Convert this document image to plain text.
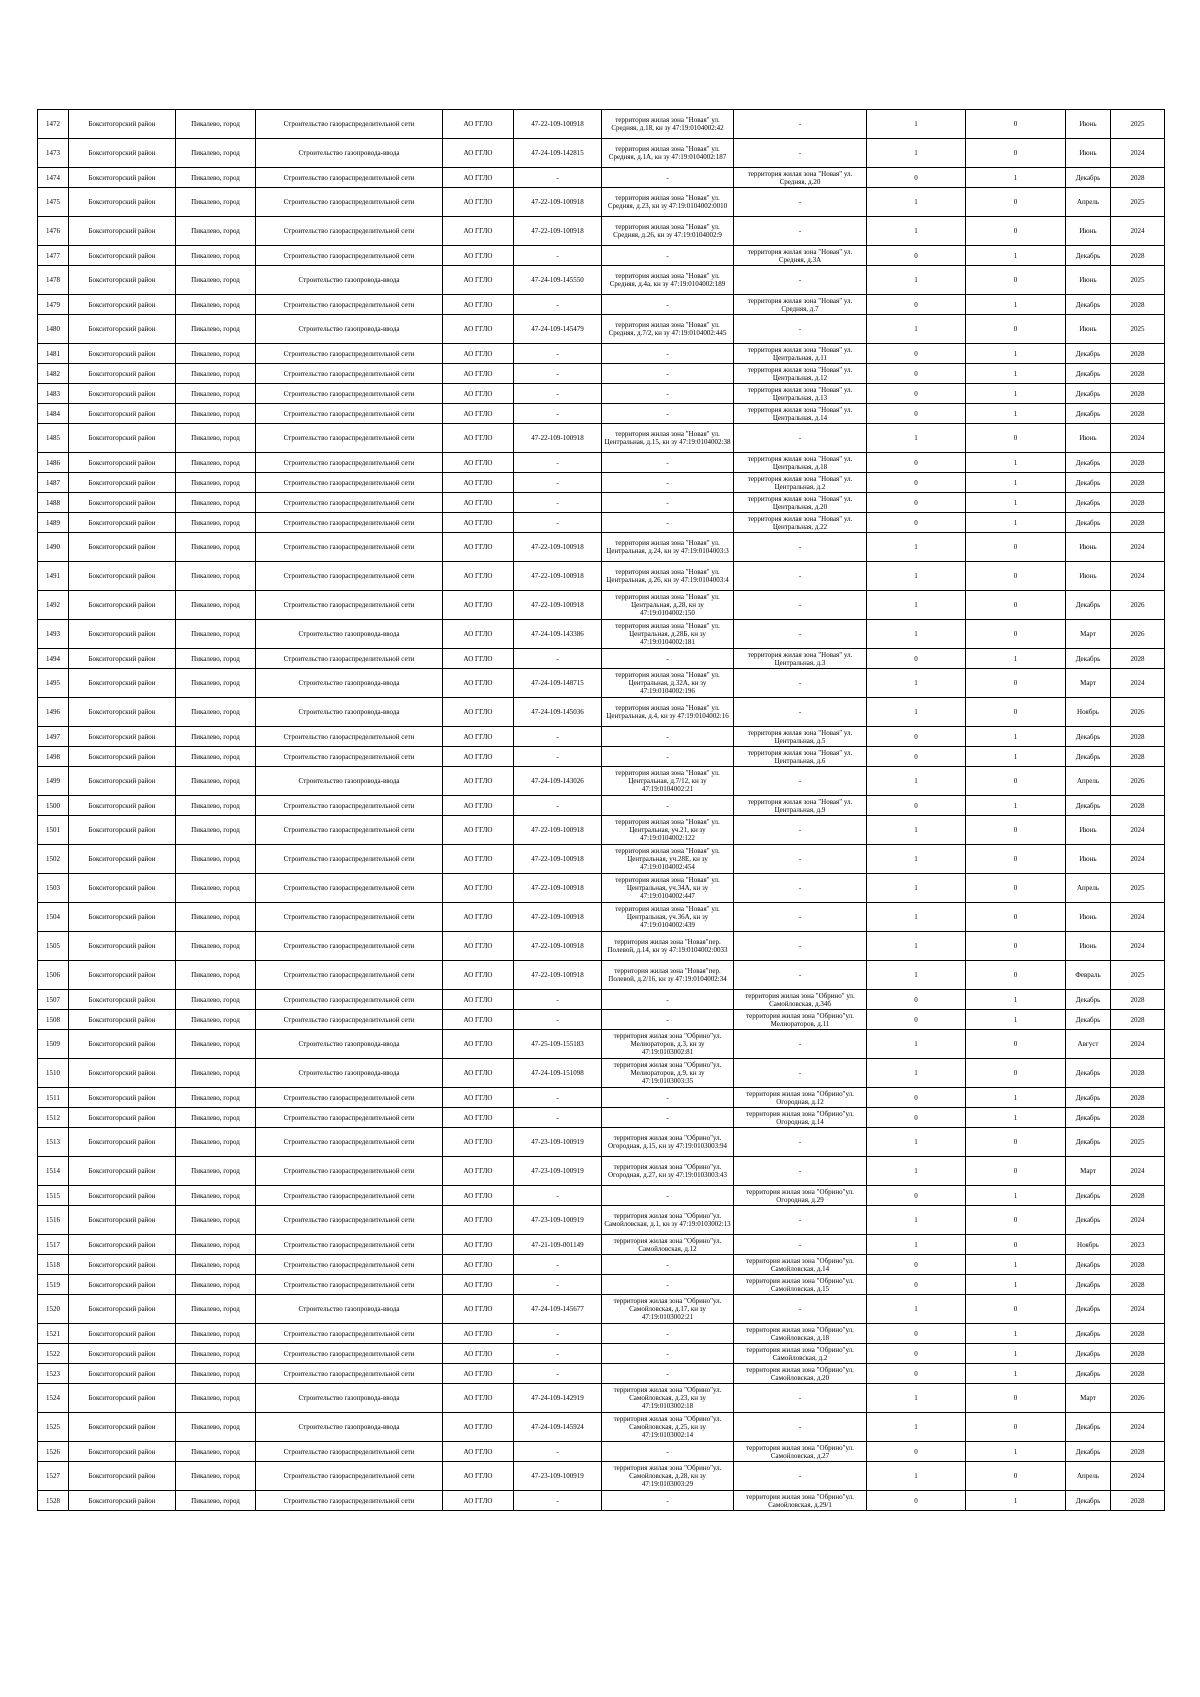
1472	Бокситогорский район	Пикалево, город	Строительство газораспределительной сети	АО ГГЛО	47-22-109-100918	территория жилая зона "Новая" ул. Средняя, д.18, кн зу 47:19:0104002:42	-	1	0	Июнь	2025
1473	Бокситогорский район	Пикалево, город	Строительство газопровода-ввода	АО ГГЛО	47-24-109-142815	территория жилая зона "Новая" ул. Средняя, д.1А, кн зу 47:19:0104002:187	-	1	0	Июнь	2024
1474	Бокситогорский район	Пикалево, город	Строительство газораспределительной сети	АО ГГЛО	-	-	территория жилая зона "Новая" ул. Средняя, д.20	0	1	Декабрь	2028
1475	Бокситогорский район	Пикалево, город	Строительство газораспределительной сети	АО ГГЛО	47-22-109-100918	территория жилая зона "Новая" ул. Средняя, д.23, кн зу 47:19:0104002:0010	-	1	0	Апрель	2025
1476	Бокситогорский район	Пикалево, город	Строительство газораспределительной сети	АО ГГЛО	47-22-109-100918	территория жилая зона "Новая" ул. Средняя, д.26, кн зу 47:19:0104002:9	-	1	0	Июнь	2024
1477	Бокситогорский район	Пикалево, город	Строительство газораспределительной сети	АО ГГЛО	-	-	территория жилая зона "Новая" ул. Средняя, д.3А	0	1	Декабрь	2028
1478	Бокситогорский район	Пикалево, город	Строительство газопровода-ввода	АО ГГЛО	47-24-109-145550	территория жилая зона "Новая" ул. Средняя, д.4а, кн зу 47:19:0104002:189	-	1	0	Июнь	2025
1479	Бокситогорский район	Пикалево, город	Строительство газораспределительной сети	АО ГГЛО	-	-	территория жилая зона "Новая" ул. Средняя, д.7	0	1	Декабрь	2028
1480	Бокситогорский район	Пикалево, город	Строительство газопровода-ввода	АО ГГЛО	47-24-109-145479	территория жилая зона "Новая" ул. Средняя, д.7/2, кн зу 47:19:0104002:445	-	1	0	Июнь	2025
1481	Бокситогорский район	Пикалево, город	Строительство газораспределительной сети	АО ГГЛО	-	-	территория жилая зона "Новая" ул. Центральная, д.11	0	1	Декабрь	2028
1482	Бокситогорский район	Пикалево, город	Строительство газораспределительной сети	АО ГГЛО	-	-	территория жилая зона "Новая" ул. Центральная, д.12	0	1	Декабрь	2028
1483	Бокситогорский район	Пикалево, город	Строительство газораспределительной сети	АО ГГЛО	-	-	территория жилая зона "Новая" ул. Центральная, д.13	0	1	Декабрь	2028
1484	Бокситогорский район	Пикалево, город	Строительство газораспределительной сети	АО ГГЛО	-	-	территория жилая зона "Новая" ул. Центральная, д.14	0	1	Декабрь	2028
1485	Бокситогорский район	Пикалево, город	Строительство газораспределительной сети	АО ГГЛО	47-22-109-100918	территория жилая зона "Новая" ул. Центральная, д.15, кн зу 47:19:0104002:38	-	1	0	Июнь	2024
1486	Бокситогорский район	Пикалево, город	Строительство газораспределительной сети	АО ГГЛО	-	-	территория жилая зона "Новая" ул. Центральная, д.18	0	1	Декабрь	2028
1487	Бокситогорский район	Пикалево, город	Строительство газораспределительной сети	АО ГГЛО	-	-	территория жилая зона "Новая" ул. Центральная, д.2	0	1	Декабрь	2028
1488	Бокситогорский район	Пикалево, город	Строительство газораспределительной сети	АО ГГЛО	-	-	территория жилая зона "Новая" ул. Центральная, д.20	0	1	Декабрь	2028
1489	Бокситогорский район	Пикалево, город	Строительство газораспределительной сети	АО ГГЛО	-	-	территория жилая зона "Новая" ул. Центральная, д.22	0	1	Декабрь	2028
1490	Бокситогорский район	Пикалево, город	Строительство газораспределительной сети	АО ГГЛО	47-22-109-100918	территория жилая зона "Новая" ул. Центральная, д.24, кн зу 47:19:0104003:3	-	1	0	Июнь	2024
1491	Бокситогорский район	Пикалево, город	Строительство газораспределительной сети	АО ГГЛО	47-22-109-100918	территория жилая зона "Новая" ул. Центральная, д.26, кн зу 47:19:0104003:4	-	1	0	Июнь	2024
1492	Бокситогорский район	Пикалево, город	Строительство газораспределительной сети	АО ГГЛО	47-22-109-100918	территория жилая зона "Новая" ул. Центральная, д.28, кн зу 47:19:0104002:150	-	1	0	Декабрь	2026
1493	Бокситогорский район	Пикалево, город	Строительство газопровода-ввода	АО ГГЛО	47-24-109-143386	территория жилая зона "Новая" ул. Центральная, д.28Б, кн зу 47:19:0104002:181	-	1	0	Март	2026
1494	Бокситогорский район	Пикалево, город	Строительство газораспределительной сети	АО ГГЛО	-	-	территория жилая зона "Новая" ул. Центральная, д.3	0	1	Декабрь	2028
1495	Бокситогорский район	Пикалево, город	Строительство газопровода-ввода	АО ГГЛО	47-24-109-148715	территория жилая зона "Новая" ул. Центральная, д.32А, кн зу 47:19:0104002:196	-	1	0	Март	2024
1496	Бокситогорский район	Пикалево, город	Строительство газопровода-ввода	АО ГГЛО	47-24-109-145036	территория жилая зона "Новая" ул. Центральная, д.4, кн зу 47:19:0104002:16	-	1	0	Ноябрь	2026
1497	Бокситогорский район	Пикалево, город	Строительство газораспределительной сети	АО ГГЛО	-	-	территория жилая зона "Новая" ул. Центральная, д.5	0	1	Декабрь	2028
1498	Бокситогорский район	Пикалево, город	Строительство газораспределительной сети	АО ГГЛО	-	-	территория жилая зона "Новая" ул. Центральная, д.6	0	1	Декабрь	2028
1499	Бокситогорский район	Пикалево, город	Строительство газопровода-ввода	АО ГГЛО	47-24-109-143026	территория жилая зона "Новая" ул. Центральная, д.7/12, кн зу 47:19:0104002:21	-	1	0	Апрель	2026
1500	Бокситогорский район	Пикалево, город	Строительство газораспределительной сети	АО ГГЛО	-	-	территория жилая зона "Новая" ул. Центральная, д.9	0	1	Декабрь	2028
1501	Бокситогорский район	Пикалево, город	Строительство газораспределительной сети	АО ГГЛО	47-22-109-100918	территория жилая зона "Новая" ул. Центральная, уч.21, кн зу 47:19:0104002:122	-	1	0	Июнь	2024
1502	Бокситогорский район	Пикалево, город	Строительство газораспределительной сети	АО ГГЛО	47-22-109-100918	территория жилая зона "Новая" ул. Центральная, уч.28Е, кн зу 47:19:0104002:454	-	1	0	Июнь	2024
1503	Бокситогорский район	Пикалево, город	Строительство газораспределительной сети	АО ГГЛО	47-22-109-100918	территория жилая зона "Новая" ул. Центральная, уч.34А, кн зу 47:19:0104002:447	-	1	0	Апрель	2025
1504	Бокситогорский район	Пикалево, город	Строительство газораспределительной сети	АО ГГЛО	47-22-109-100918	территория жилая зона "Новая" ул. Центральная, уч.36А, кн зу 47:19:0104002:439	-	1	0	Июнь	2024
1505	Бокситогорский район	Пикалево, город	Строительство газораспределительной сети	АО ГГЛО	47-22-109-100918	территория жилая зона "Новая"пер. Полевой, д.14, кн зу 47:19:0104002:0033	-	1	0	Июнь	2024
1506	Бокситогорский район	Пикалево, город	Строительство газораспределительной сети	АО ГГЛО	47-22-109-100918	территория жилая зона "Новая"пер. Полевой, д.2/16, кн зу 47:19:0104002:34	-	1	0	Февраль	2025
1507	Бокситогорский район	Пикалево, город	Строительство газораспределительной сети	АО ГГЛО	-	-	территория жилая зона "Обрино" ул. Самойловская, д.34б	0	1	Декабрь	2028
1508	Бокситогорский район	Пикалево, город	Строительство газораспределительной сети	АО ГГЛО	-	-	территория жилая зона "Обрино"ул. Мелиораторов, д.11	0	1	Декабрь	2028
1509	Бокситогорский район	Пикалево, город	Строительство газопровода-ввода	АО ГГЛО	47-25-109-155183	территория жилая зона "Обрино"ул. Мелиораторов, д.3, кн зу 47:19:0103002:81	-	1	0	Август	2024
1510	Бокситогорский район	Пикалево, город	Строительство газопровода-ввода	АО ГГЛО	47-24-109-151098	территория жилая зона "Обрино"ул. Мелиораторов, д.9, кн зу 47:19:0103003:35	-	1	0	Декабрь	2028
1511	Бокситогорский район	Пикалево, город	Строительство газораспределительной сети	АО ГГЛО	-	-	территория жилая зона "Обрино"ул. Огородная, д.12	0	1	Декабрь	2028
1512	Бокситогорский район	Пикалево, город	Строительство газораспределительной сети	АО ГГЛО	-	-	территория жилая зона "Обрино"ул. Огородная, д.14	0	1	Декабрь	2028
1513	Бокситогорский район	Пикалево, город	Строительство газораспределительной сети	АО ГГЛО	47-23-109-100919	территория жилая зона "Обрино"ул. Огородная, д.15, кн зу 47:19:0103003:94	-	1	0	Декабрь	2025
1514	Бокситогорский район	Пикалево, город	Строительство газораспределительной сети	АО ГГЛО	47-23-109-100919	территория жилая зона "Обрино"ул. Огородная, д.27, кн зу 47:19:0103003:43	-	1	0	Март	2024
1515	Бокситогорский район	Пикалево, город	Строительство газораспределительной сети	АО ГГЛО	-	-	территория жилая зона "Обрино"ул. Огородная, д.29	0	1	Декабрь	2028
1516	Бокситогорский район	Пикалево, город	Строительство газораспределительной сети	АО ГГЛО	47-23-109-100919	территория жилая зона "Обрино"ул. Самойловская, д.1, кн зу 47:19:0103002:13	-	1	0	Декабрь	2024
1517	Бокситогорский район	Пикалево, город	Строительство газораспределительной сети	АО ГГЛО	47-21-109-001149	территория жилая зона "Обрино"ул. Самойловская, д.12	-	1	0	Ноябрь	2023
1518	Бокситогорский район	Пикалево, город	Строительство газораспределительной сети	АО ГГЛО	-	-	территория жилая зона "Обрино"ул. Самойловская, д.14	0	1	Декабрь	2028
1519	Бокситогорский район	Пикалево, город	Строительство газораспределительной сети	АО ГГЛО	-	-	территория жилая зона "Обрино"ул. Самойловская, д.15	0	1	Декабрь	2028
1520	Бокситогорский район	Пикалево, город	Строительство газопровода-ввода	АО ГГЛО	47-24-109-145677	территория жилая зона "Обрино"ул. Самойловская, д.17, кн зу 47:19:0103002:21	-	1	0	Декабрь	2024
1521	Бокситогорский район	Пикалево, город	Строительство газораспределительной сети	АО ГГЛО	-	-	территория жилая зона "Обрино"ул. Самойловская, д.18	0	1	Декабрь	2028
1522	Бокситогорский район	Пикалево, город	Строительство газораспределительной сети	АО ГГЛО	-	-	территория жилая зона "Обрино"ул. Самойловская, д.2	0	1	Декабрь	2028
1523	Бокситогорский район	Пикалево, город	Строительство газораспределительной сети	АО ГГЛО	-	-	территория жилая зона "Обрино"ул. Самойловская, д.20	0	1	Декабрь	2028
1524	Бокситогорский район	Пикалево, город	Строительство газопровода-ввода	АО ГГЛО	47-24-109-142919	территория жилая зона "Обрино"ул. Самойловская, д.23, кн зу 47:19:0103002:18	-	1	0	Март	2026
1525	Бокситогорский район	Пикалево, город	Строительство газопровода-ввода	АО ГГЛО	47-24-109-145924	территория жилая зона "Обрино"ул. Самойловская, д.25, кн зу 47:19:0103002:14	-	1	0	Декабрь	2024
1526	Бокситогорский район	Пикалево, город	Строительство газораспределительной сети	АО ГГЛО	-	-	территория жилая зона "Обрино"ул. Самойловская, д.27	0	1	Декабрь	2028
1527	Бокситогорский район	Пикалево, город	Строительство газораспределительной сети	АО ГГЛО	47-23-109-100919	территория жилая зона "Обрино"ул. Самойловская, д.28, кн зу 47:19:0103003:29	-	1	0	Апрель	2024
1528	Бокситогорский район	Пикалево, город	Строительство газораспределительной сети	АО ГГЛО	-	-	территория жилая зона "Обрино"ул. Самойловская, д.29/1	0	1	Декабрь	2028
